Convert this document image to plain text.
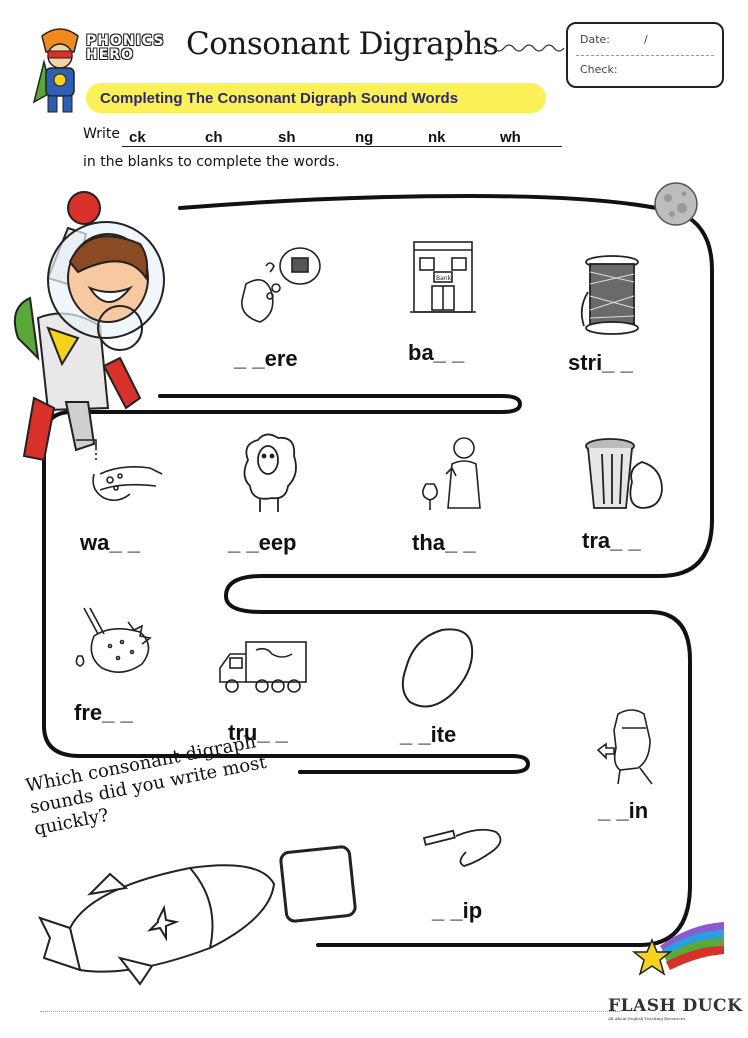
PHONICS
HERO	Consonant Digraphs	Date:	/
Check:
Completing The Consonant Digraph Sound Words
Write ck	ch	sh	ng	nk	wh
in the blanks to complete the words.
Bank
_ _ere	ba_ _	stri_ _
wa_ _	_ _eep	tha_ _	tra_ _
fre_ _
tru_ _	_ _ite
_ _in
_ _ip
Which consonant digraph sounds did you write most quickly?
FLASH DUCK
All About English Teaching Resources
